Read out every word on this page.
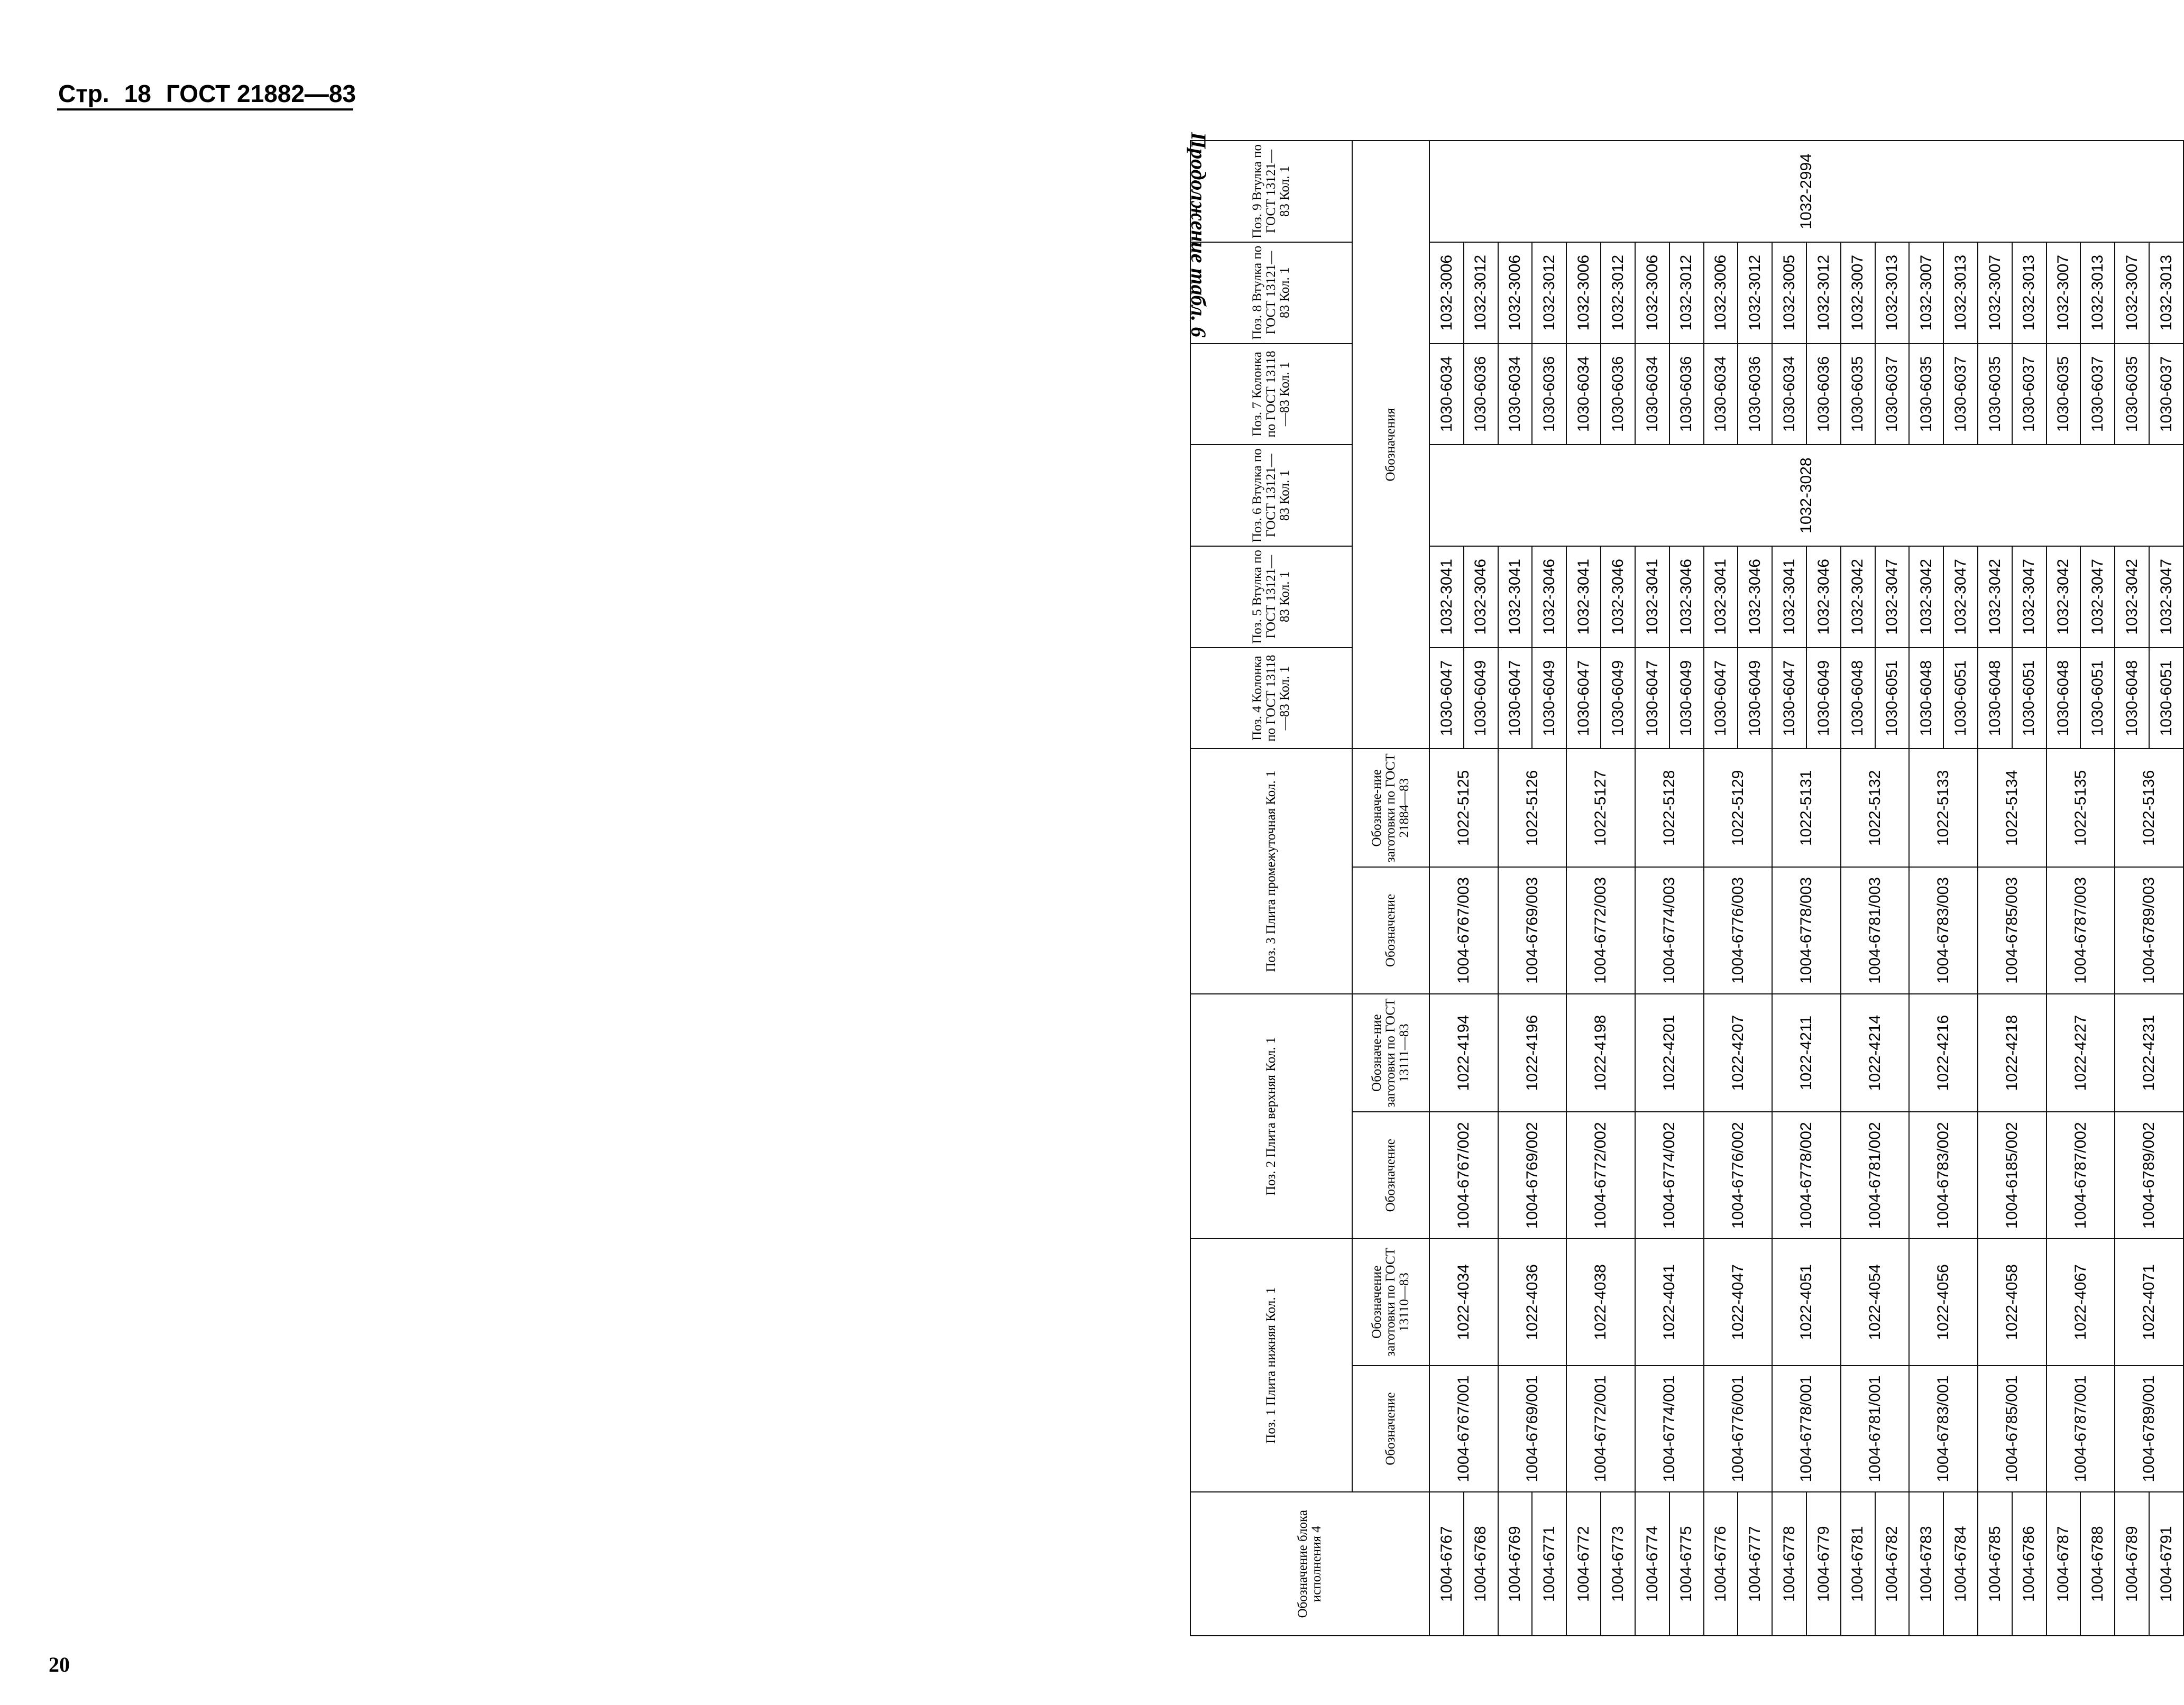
Стр. 18 ГОСТ 21882—83
Продолжение табл. 6
Обозначение блока исполнения 4	Поз. 1 Плита нижняя Кол. 1		Поз. 2 Плита верхняя Кол. 1		Поз. 3 Плита промежуточная Кол. 1		Поз. 4 Колонка по ГОСТ 13118—83 Кол. 1	Поз. 5 Втулка по ГОСТ 13121—83 Кол. 1	Поз. 6 Втулка по ГОСТ 13121—83 Кол. 1	Поз. 7 Колонка по ГОСТ 13118—83 Кол. 1	Поз. 8 Втулка по ГОСТ 13121—83 Кол. 1	Поз. 9 Втулка по ГОСТ 13121—83 Кол. 1
	Обозначение	Обозначение заготовки по ГОСТ 13110—83	Обозначение	Обозначе-ние заготовки по ГОСТ 13111—83	Обозначение	Обозначе-ние заготовки по ГОСТ 21884—83						
							Обозначения					
1004-6767	1004-6767/001	1022-4034	1004-6767/002	1022-4194	1004-6767/003	1022-5125	1030-6047	1032-3041	1032-3028	1030-6034	1032-3006	1032-2994
1004-6768							1030-6049	1032-3046		1030-6036	1032-3012	
1004-6769	1004-6769/001	1022-4036	1004-6769/002	1022-4196	1004-6769/003	1022-5126	1030-6047	1032-3041		1030-6034	1032-3006	
1004-6771							1030-6049	1032-3046		1030-6036	1032-3012	
1004-6772	1004-6772/001	1022-4038	1004-6772/002	1022-4198	1004-6772/003	1022-5127	1030-6047	1032-3041		1030-6034	1032-3006	
1004-6773							1030-6049	1032-3046		1030-6036	1032-3012	
1004-6774	1004-6774/001	1022-4041	1004-6774/002	1022-4201	1004-6774/003	1022-5128	1030-6047	1032-3041		1030-6034	1032-3006	
1004-6775							1030-6049	1032-3046		1030-6036	1032-3012	
1004-6776	1004-6776/001	1022-4047	1004-6776/002	1022-4207	1004-6776/003	1022-5129	1030-6047	1032-3041		1030-6034	1032-3006	
1004-6777							1030-6049	1032-3046		1030-6036	1032-3012	
1004-6778	1004-6778/001	1022-4051	1004-6778/002	1022-4211	1004-6778/003	1022-5131	1030-6047	1032-3041		1030-6034	1032-3005	
1004-6779							1030-6049	1032-3046		1030-6036	1032-3012	
1004-6781	1004-6781/001	1022-4054	1004-6781/002	1022-4214	1004-6781/003	1022-5132	1030-6048	1032-3042		1030-6035	1032-3007	
1004-6782							1030-6051	1032-3047		1030-6037	1032-3013	
1004-6783	1004-6783/001	1022-4056	1004-6783/002	1022-4216	1004-6783/003	1022-5133	1030-6048	1032-3042		1030-6035	1032-3007	
1004-6784							1030-6051	1032-3047		1030-6037	1032-3013	
1004-6785	1004-6785/001	1022-4058	1004-6185/002	1022-4218	1004-6785/003	1022-5134	1030-6048	1032-3042		1030-6035	1032-3007	
1004-6786							1030-6051	1032-3047		1030-6037	1032-3013	
1004-6787	1004-6787/001	1022-4067	1004-6787/002	1022-4227	1004-6787/003	1022-5135	1030-6048	1032-3042		1030-6035	1032-3007	
1004-6788							1030-6051	1032-3047		1030-6037	1032-3013	
1004-6789	1004-6789/001	1022-4071	1004-6789/002	1022-4231	1004-6789/003	1022-5136	1030-6048	1032-3042		1030-6035	1032-3007	
1004-6791							1030-6051	1032-3047		1030-6037	1032-3013	
20
